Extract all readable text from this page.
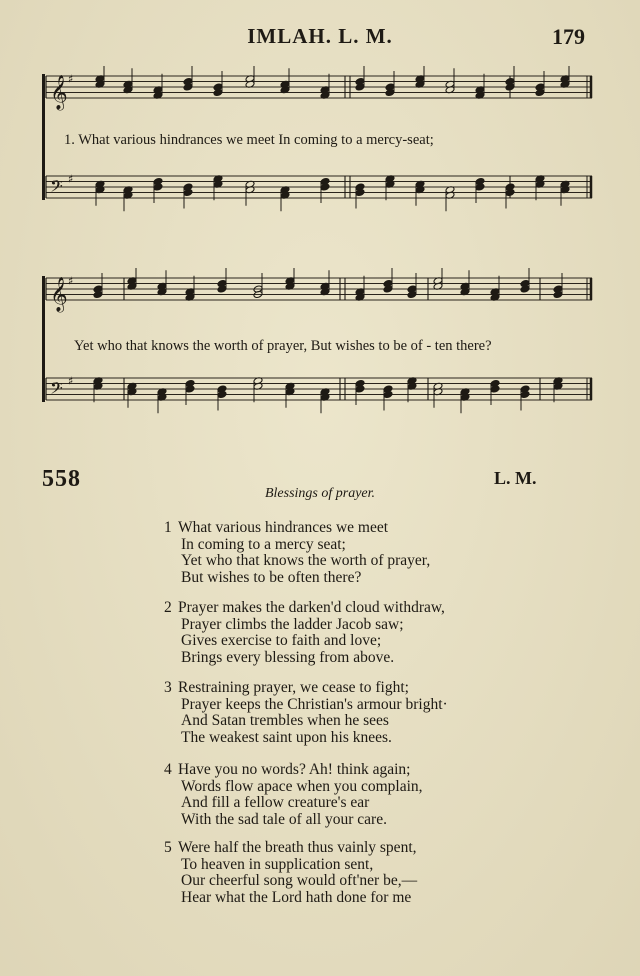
IMLAH. L. M.	179
𝄞 ♯
𝄢 ♯
1. What various hindrances we meet In coming to a mercy-seat;
𝄞 ♯
𝄢 ♯
Yet who that knows the worth of prayer, But wishes to be of - ten there?
558	L. M.
Blessings of prayer.
1 What various hindrances we meet
In coming to a mercy seat;
Yet who that knows the worth of prayer,
But wishes to be often there?
2 Prayer makes the darken'd cloud withdraw,
Prayer climbs the ladder Jacob saw;
Gives exercise to faith and love;
Brings every blessing from above.
3 Restraining prayer, we cease to fight;
Prayer keeps the Christian's armour bright·
And Satan trembles when he sees
The weakest saint upon his knees.
4 Have you no words? Ah! think again;
Words flow apace when you complain,
And fill a fellow creature's ear
With the sad tale of all your care.
5 Were half the breath thus vainly spent,
To heaven in supplication sent,
Our cheerful song would oft'ner be,—
Hear what the Lord hath done for me
